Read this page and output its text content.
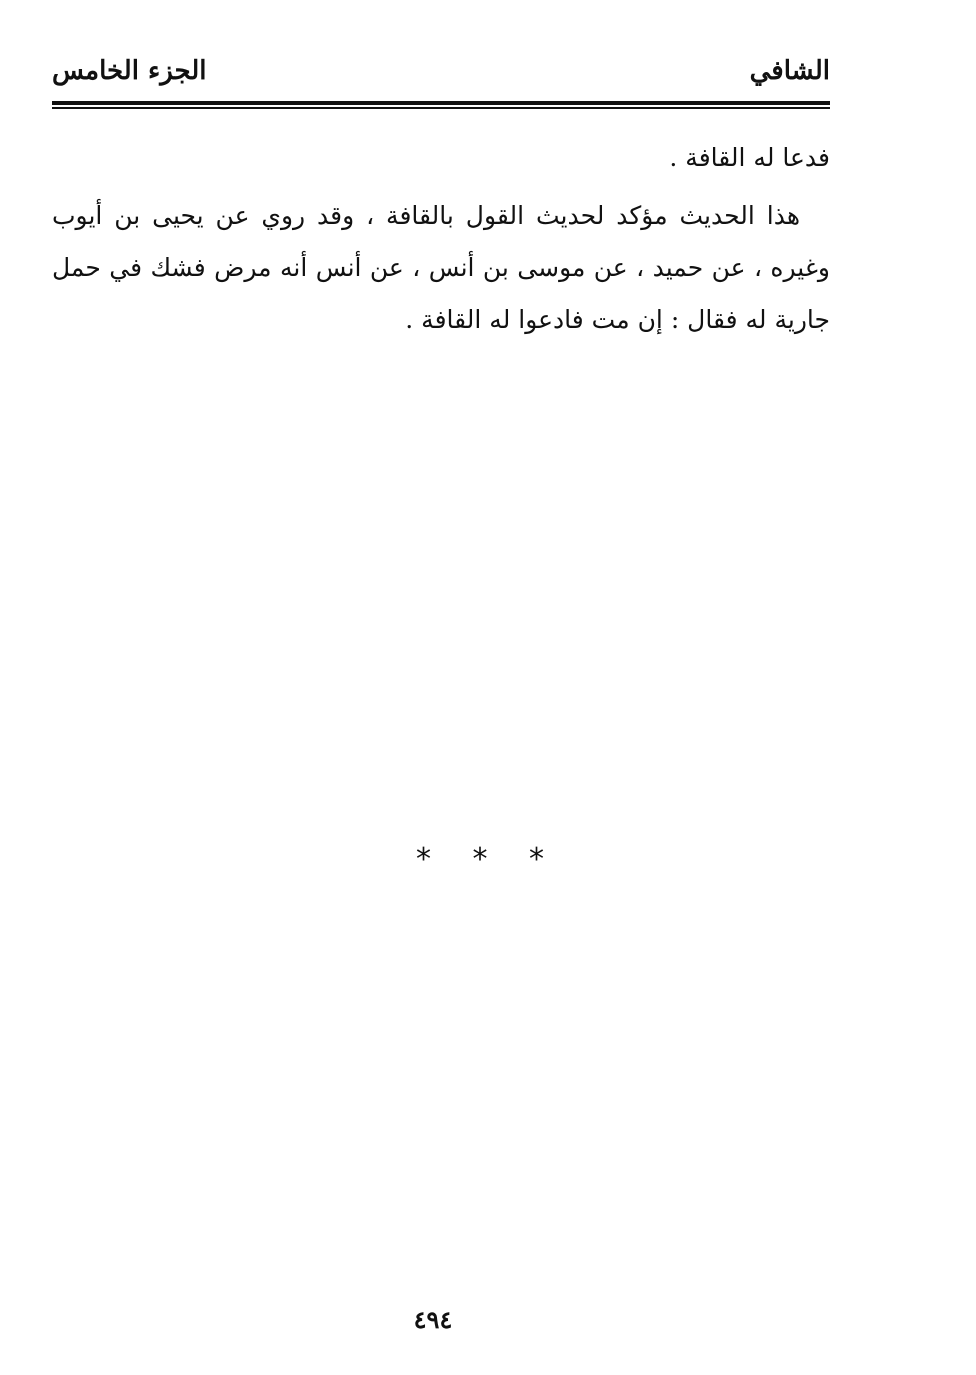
الشافي
الجزء الخامس
فدعا له القافة .
هذا الحديث مؤكد لحديث القول بالقافة ، وقد روي عن يحيى بن أيوب وغيره ، عن حميد ، عن موسى بن أنس ، عن أنس أنه مرض فشك في حمل جارية له فقال : إن مت فادعوا له القافة .
* * *
٤٩٤
